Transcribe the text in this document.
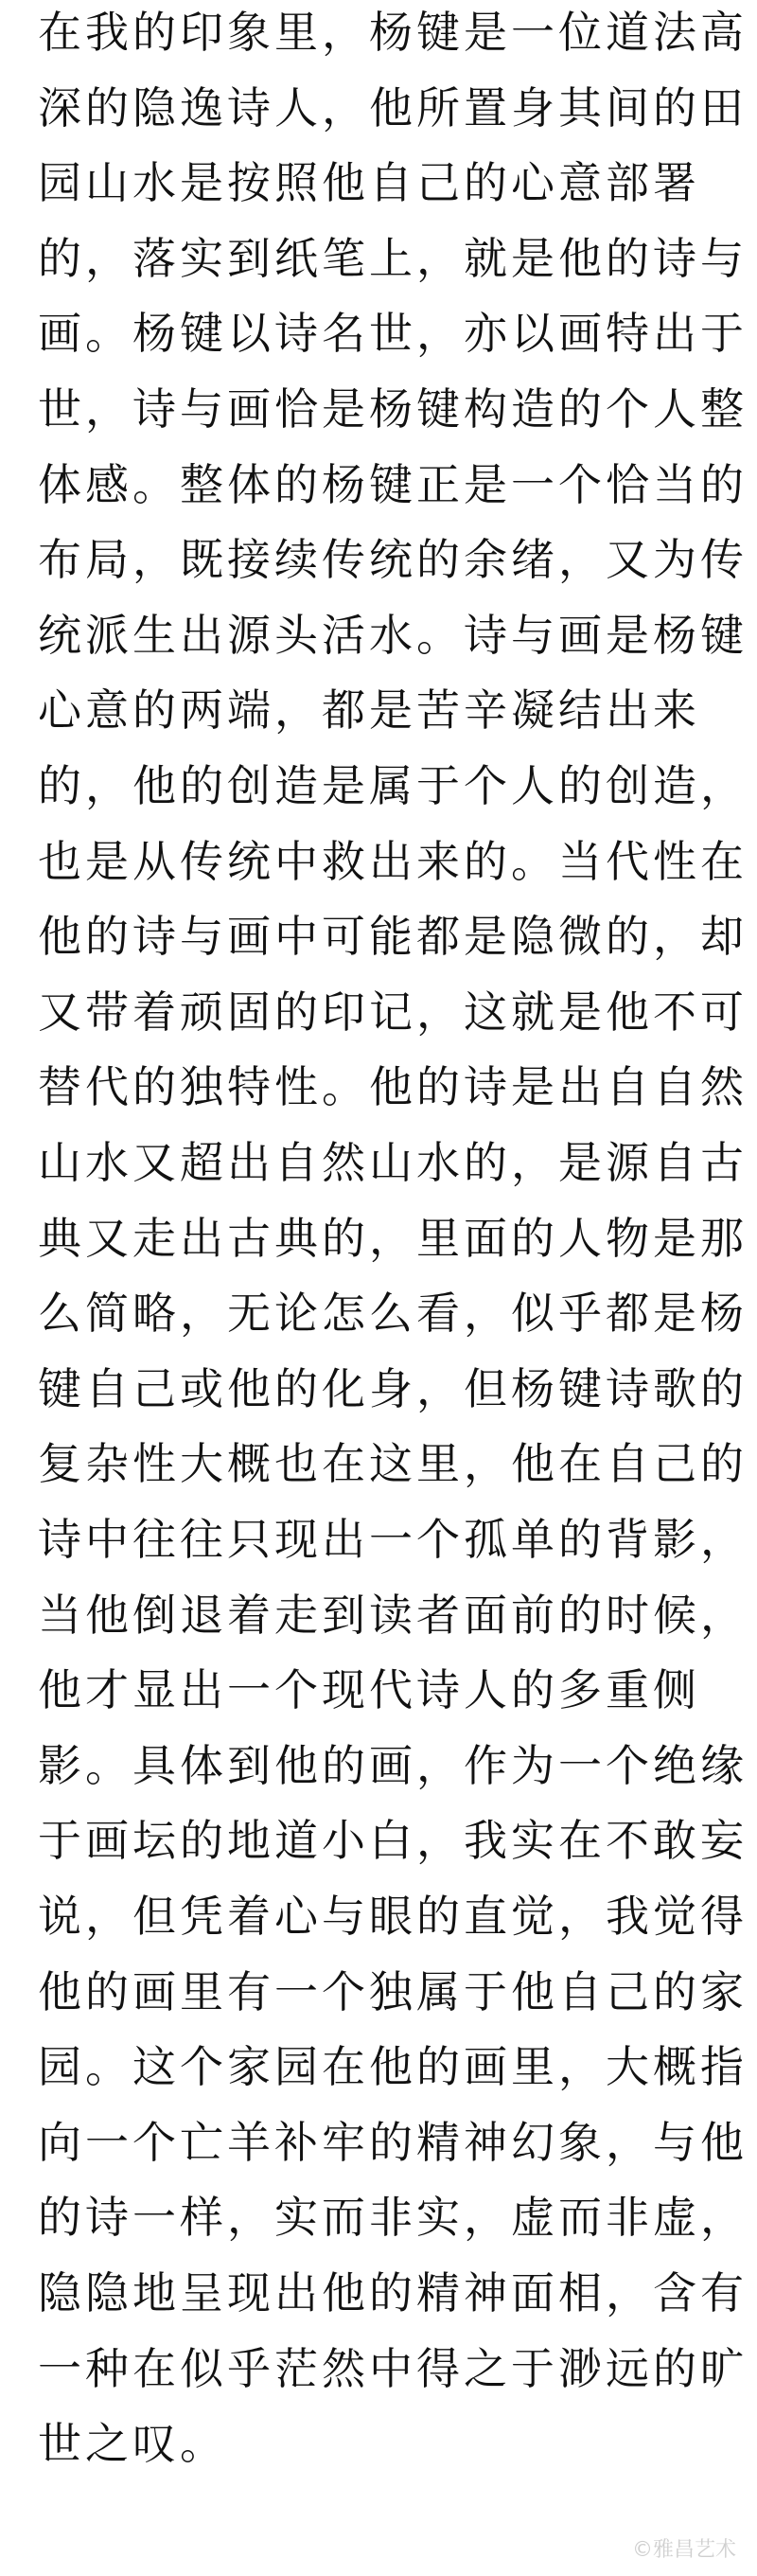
在我的印象里，杨键是一位道法高
深的隐逸诗人，他所置身其间的田
园山水是按照他自己的心意部署
的，落实到纸笔上，就是他的诗与
画。杨键以诗名世，亦以画特出于
世，诗与画恰是杨键构造的个人整
体感。整体的杨键正是一个恰当的
布局，既接续传统的余绪，又为传
统派生出源头活水。诗与画是杨键
心意的两端，都是苦辛凝结出来
的，他的创造是属于个人的创造，
也是从传统中救出来的。当代性在
他的诗与画中可能都是隐微的，却
又带着顽固的印记，这就是他不可
替代的独特性。他的诗是出自自然
山水又超出自然山水的，是源自古
典又走出古典的，里面的人物是那
么简略，无论怎么看，似乎都是杨
键自己或他的化身，但杨键诗歌的
复杂性大概也在这里，他在自己的
诗中往往只现出一个孤单的背影，
当他倒退着走到读者面前的时候，
他才显出一个现代诗人的多重侧
影。具体到他的画，作为一个绝缘
于画坛的地道小白，我实在不敢妄
说，但凭着心与眼的直觉，我觉得
他的画里有一个独属于他自己的家
园。这个家园在他的画里，大概指
向一个亡羊补牢的精神幻象，与他
的诗一样，实而非实，虚而非虚，
隐隐地呈现出他的精神面相，含有
一种在似乎茫然中得之于渺远的旷
世之叹。
©雅昌艺术
